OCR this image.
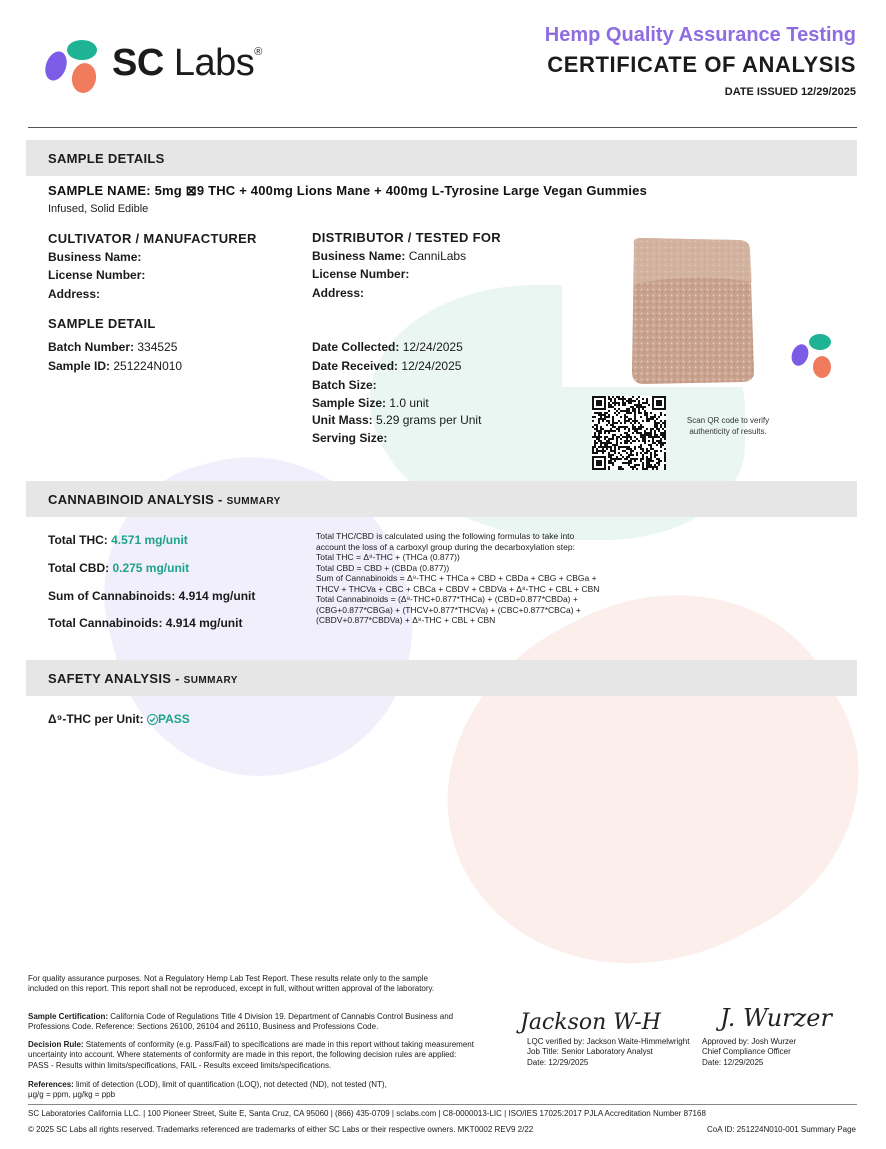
SC Labs®
Hemp Quality Assurance Testing
CERTIFICATE OF ANALYSIS
DATE ISSUED 12/29/2025
SAMPLE DETAILS
SAMPLE NAME: 5mg ⊠9 THC + 400mg Lions Mane + 400mg L-Tyrosine Large Vegan Gummies
Infused, Solid Edible
CULTIVATOR / MANUFACTURER
Business Name:
License Number:
Address:
DISTRIBUTOR / TESTED FOR
Business Name: CanniLabs
License Number:
Address:
SAMPLE DETAIL
Batch Number: 334525
Sample ID: 251224N010
Date Collected: 12/24/2025
Date Received: 12/24/2025
Batch Size:
Sample Size: 1.0 unit
Unit Mass: 5.29 grams per Unit
Serving Size:
Scan QR code to verify
authenticity of results.
CANNABINOID ANALYSIS - SUMMARY
Total THC: 4.571 mg/unit
Total CBD: 0.275 mg/unit
Sum of Cannabinoids: 4.914 mg/unit
Total Cannabinoids: 4.914 mg/unit
Total THC/CBD is calculated using the following formulas to take into
account the loss of a carboxyl group during the decarboxylation step:
Total THC = Δ⁹-THC + (THCa (0.877))
Total CBD = CBD + (CBDa (0.877))
Sum of Cannabinoids = Δ⁹-THC + THCa + CBD + CBDa + CBG + CBGa +
THCV + THCVa + CBC + CBCa + CBDV + CBDVa + Δ⁸-THC + CBL + CBN
Total Cannabinoids = (Δ⁹-THC+0.877*THCa) + (CBD+0.877*CBDa) +
(CBG+0.877*CBGa) + (THCV+0.877*THCVa) + (CBC+0.877*CBCa) +
(CBDV+0.877*CBDVa) + Δ⁸-THC + CBL + CBN
SAFETY ANALYSIS - SUMMARY
Δ⁹-THC per Unit:
PASS
For quality assurance purposes. Not a Regulatory Hemp Lab Test Report. These results relate only to the sample included on this report. This report shall not be reproduced, except in full, without written approval of the laboratory.
Sample Certification: California Code of Regulations Title 4 Division 19. Department of Cannabis Control Business and Professions Code. Reference: Sections 26100, 26104 and 26110, Business and Professions Code.
Decision Rule: Statements of conformity (e.g. Pass/Fail) to specifications are made in this report without taking measurement uncertainty into account. Where statements of conformity are made in this report, the following decision rules are applied: PASS - Results within limits/specifications, FAIL - Results exceed limits/specifications.
References: limit of detection (LOD), limit of quantification (LOQ), not detected (ND), not tested (NT),
µg/g = ppm, µg/kg = ppb
Jackson W-H
LQC verified by: Jackson Waite-Himmelwright
Job Title: Senior Laboratory Analyst
Date: 12/29/2025
J. Wurzer
Approved by: Josh Wurzer
Chief Compliance Officer
Date: 12/29/2025
SC Laboratories California LLC. | 100 Pioneer Street, Suite E, Santa Cruz, CA 95060 | (866) 435-0709 | sclabs.com | C8-0000013-LIC | ISO/IES 17025:2017 PJLA Accreditation Number 87168
© 2025 SC Labs all rights reserved. Trademarks referenced are trademarks of either SC Labs or their respective owners. MKT0002 REV9 2/22	CoA ID: 251224N010-001 Summary Page
